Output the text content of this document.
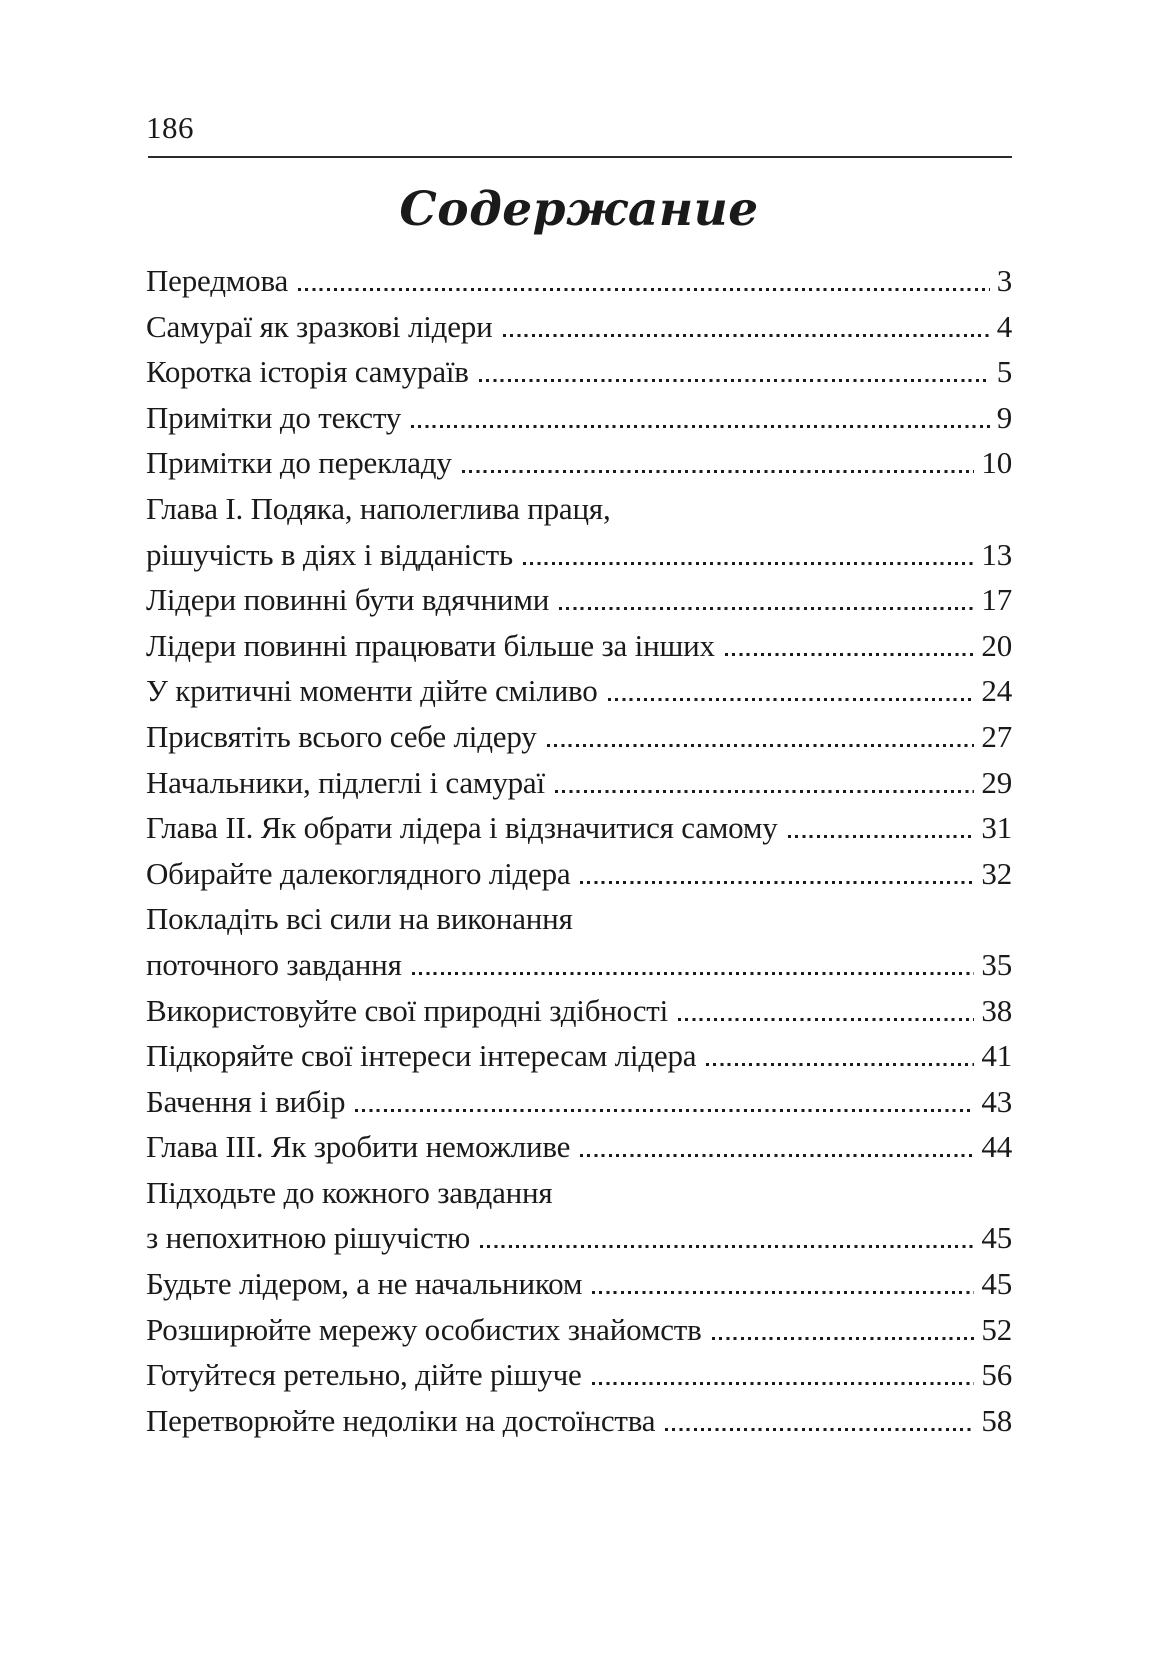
186
Содержание
Передмова	3
Самураї як зразкові лідери	4
Коротка історія самураїв	5
Примітки до тексту	9
Примітки до перекладу	10
Глава I. Подяка, наполеглива праця,
рішучість в діях і відданість	13
Лідери повинні бути вдячними	17
Лідери повинні працювати більше за інших	20
У критичні моменти дійте сміливо	24
Присвятіть всього себе лідеру	27
Начальники, підлеглі і самураї	29
Глава II. Як обрати лідера і відзначитися самому	31
Обирайте далекоглядного лідера	32
Покладіть всі сили на виконання
поточного завдання	35
Використовуйте свої природні здібності	38
Підкоряйте свої інтереси інтересам лідера	41
Бачення і вибір	43
Глава III. Як зробити неможливе	44
Підходьте до кожного завдання
з непохитною рішучістю	45
Будьте лідером, а не начальником	45
Розширюйте мережу особистих знайомств	52
Готуйтеся ретельно, дійте рішуче	56
Перетворюйте недоліки на достоїнства	58
